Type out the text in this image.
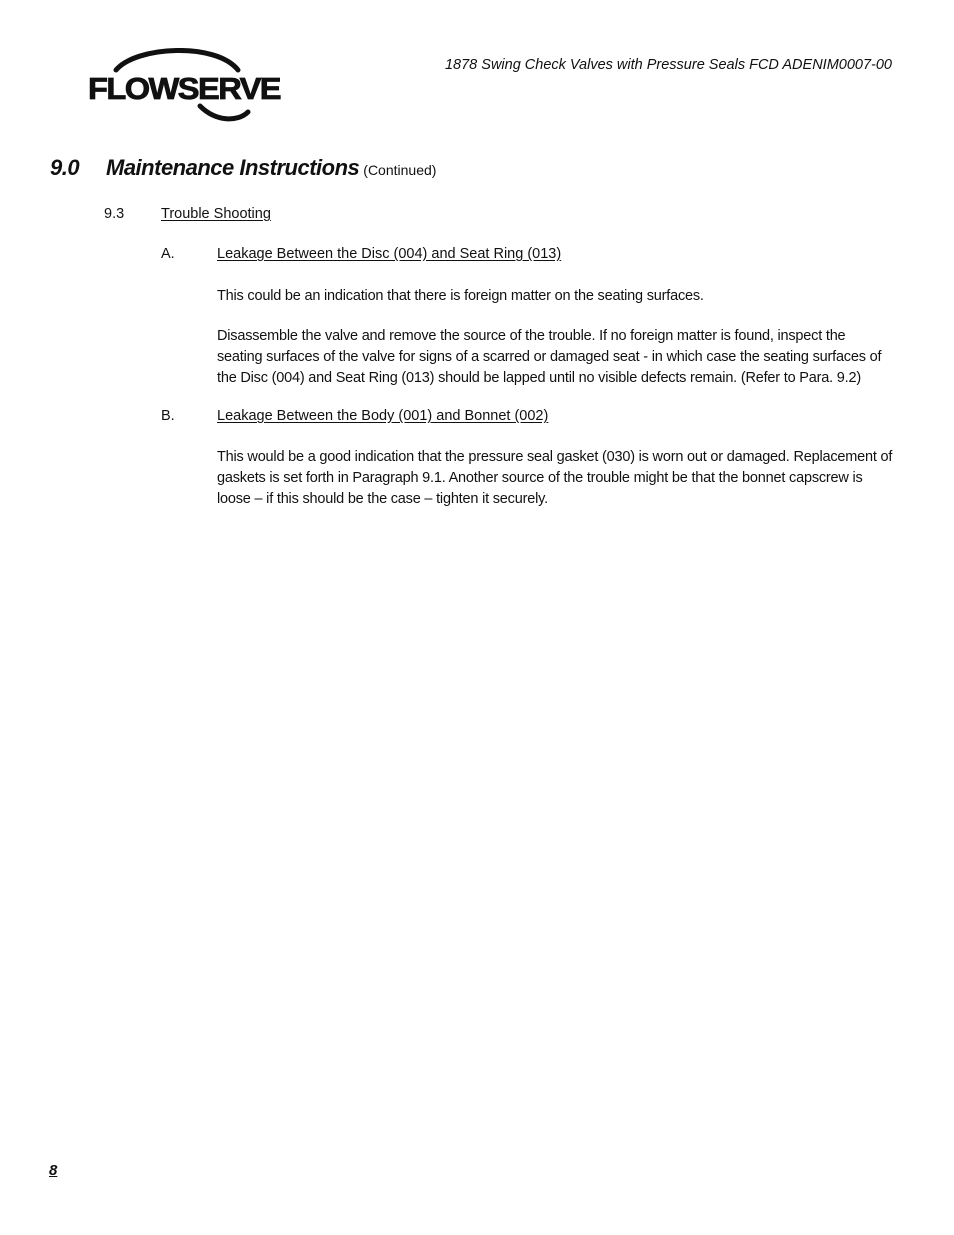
FLOWSERVE
1878 Swing Check Valves with Pressure Seals FCD ADENIM0007-00
9.0 Maintenance Instructions (Continued)
9.3	Trouble Shooting
A.	Leakage Between the Disc (004) and Seat Ring (013)
This could be an indication that there is foreign matter on the seating surfaces.
Disassemble the valve and remove the source of the trouble. If no foreign matter is found, inspect the seating surfaces of the valve for signs of a scarred or damaged seat - in which case the seating surfaces of the Disc (004) and Seat Ring (013) should be lapped until no visible defects remain. (Refer to Para. 9.2)
B.	Leakage Between the Body (001) and Bonnet (002)
This would be a good indication that the pressure seal gasket (030) is worn out or damaged. Replacement of gaskets is set forth in Paragraph 9.1. Another source of the trouble might be that the bonnet capscrew is loose – if this should be the case – tighten it securely.
8
